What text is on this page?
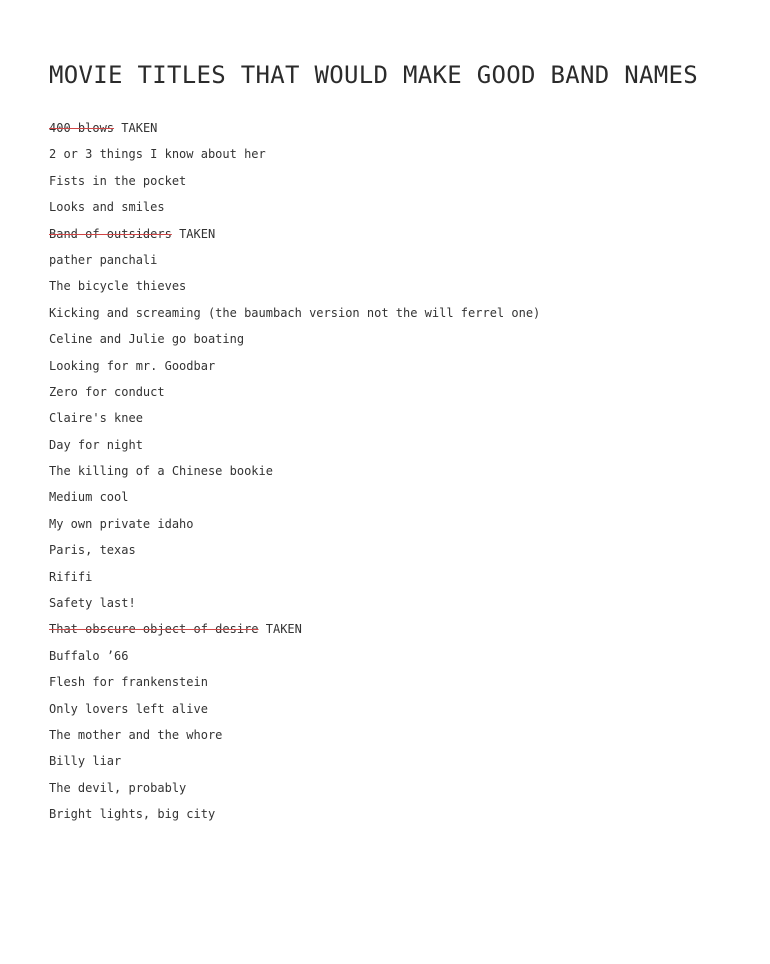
MOVIE TITLES THAT WOULD MAKE GOOD BAND NAMES
400 blows TAKEN
2 or 3 things I know about her
Fists in the pocket
Looks and smiles
Band of outsiders TAKEN
pather panchali
The bicycle thieves
Kicking and screaming (the baumbach version not the will ferrel one)
Celine and Julie go boating
Looking for mr. Goodbar
Zero for conduct
Claire's knee
Day for night
The killing of a Chinese bookie
Medium cool
My own private idaho
Paris, texas
Rififi
Safety last!
That obscure object of desire TAKEN
Buffalo ’66
Flesh for frankenstein
Only lovers left alive
The mother and the whore
Billy liar
The devil, probably
Bright lights, big city
